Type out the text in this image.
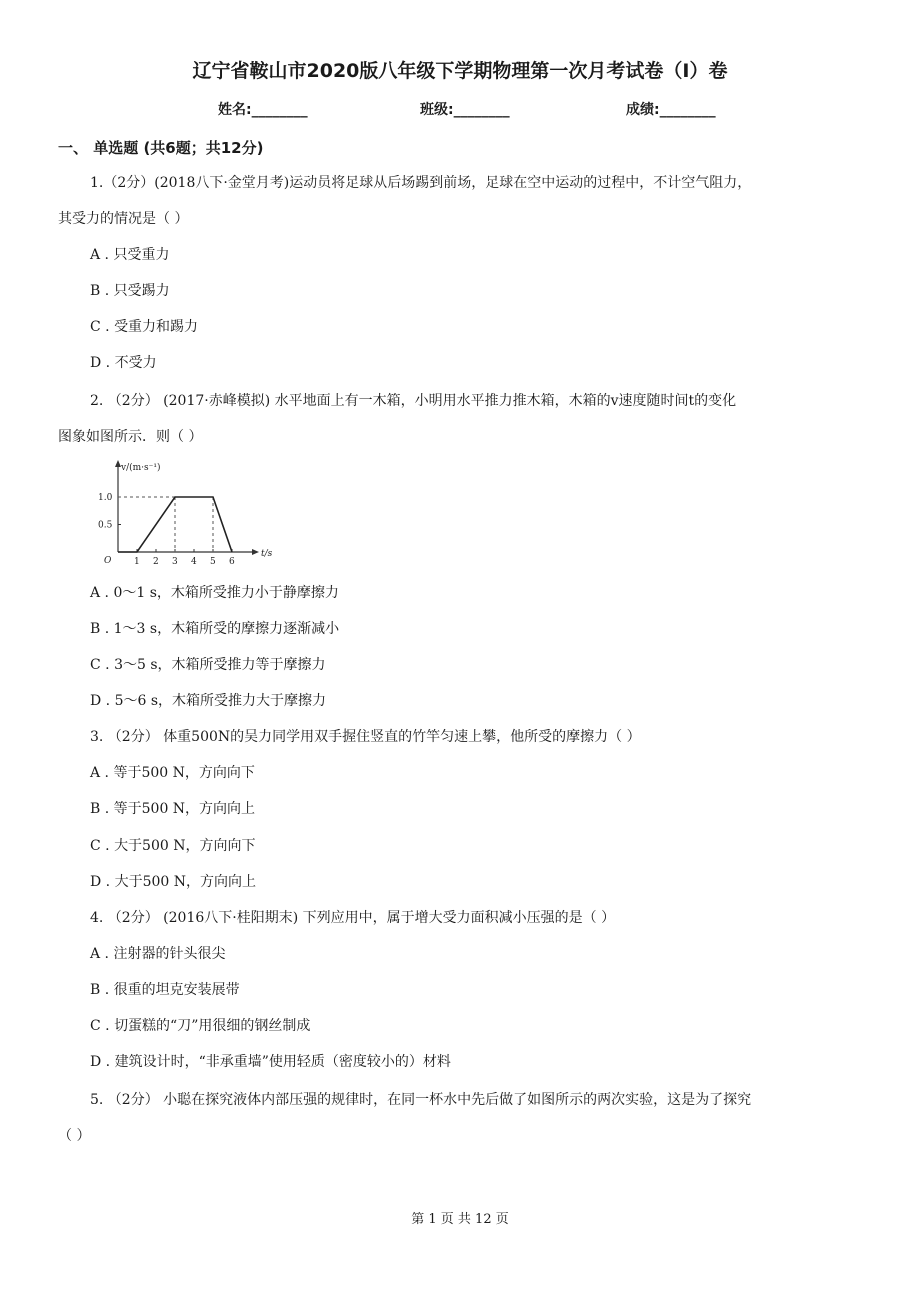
辽宁省鞍山市2020版八年级下学期物理第一次月考试卷（I）卷
姓名:________	班级:________	成绩:________
一、 单选题 (共6题；共12分)
1.（2分）(2018八下·金堂月考)运动员将足球从后场踢到前场，足球在空中运动的过程中，不计空气阻力，
其受力的情况是（ ）
A . 只受重力
B . 只受踢力
C . 受重力和踢力
D . 不受力
2. （2分） (2017·赤峰模拟) 水平地面上有一木箱，小明用水平推力推木箱，木箱的v速度随时间t的变化
图象如图所示．则（ ）
v/(m·s⁻¹)
t/s
O
0.5
1.0
1 2 3 4 5 6
A . 0～1 s，木箱所受推力小于静摩擦力
B . 1～3 s，木箱所受的摩擦力逐渐减小
C . 3～5 s，木箱所受推力等于摩擦力
D . 5～6 s，木箱所受推力大于摩擦力
3. （2分） 体重500N的吴力同学用双手握住竖直的竹竿匀速上攀，他所受的摩擦力（ ）
A . 等于500 N，方向向下
B . 等于500 N，方向向上
C . 大于500 N，方向向下
D . 大于500 N，方向向上
4. （2分） (2016八下·桂阳期末) 下列应用中，属于增大受力面积减小压强的是（ ）
A . 注射器的针头很尖
B . 很重的坦克安装展带
C . 切蛋糕的“刀”用很细的钢丝制成
D . 建筑设计时，“非承重墙”使用轻质（密度较小的）材料
5. （2分） 小聪在探究液体内部压强的规律时，在同一杯水中先后做了如图所示的两次实验，这是为了探究
（ ）
第 1 页 共 12 页
